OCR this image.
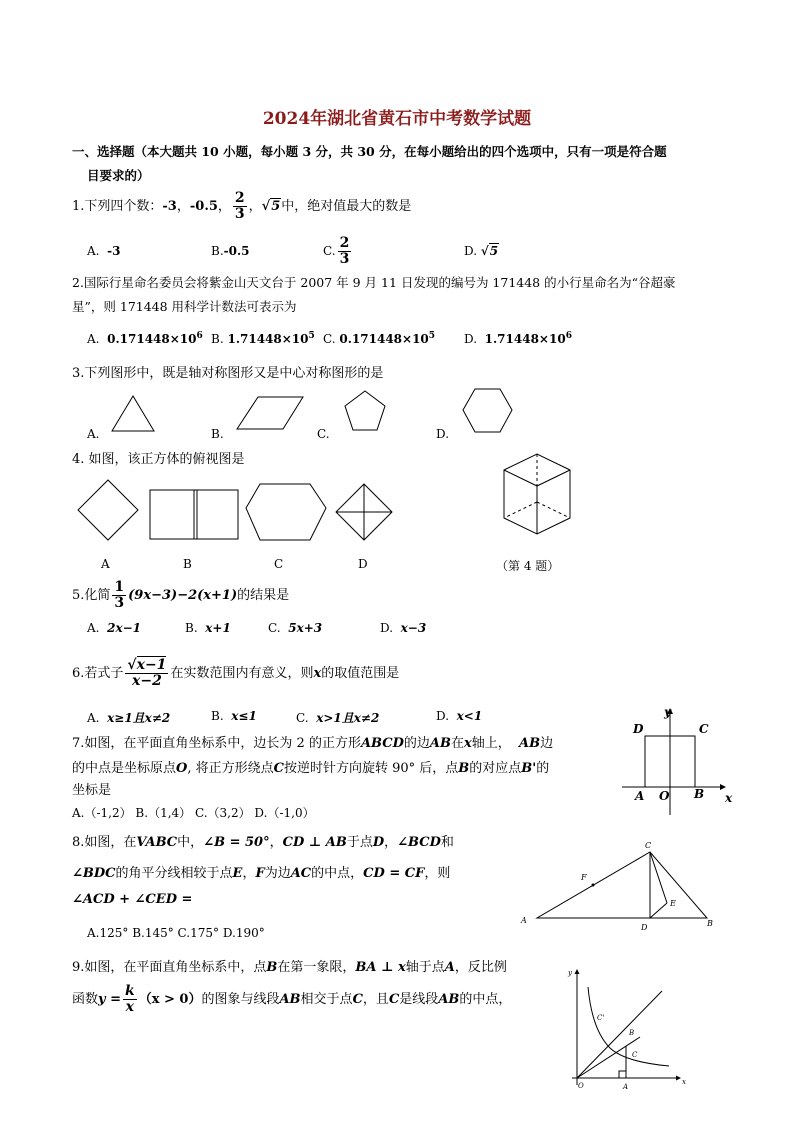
2024年湖北省黄石市中考数学试题
一、选择题（本大题共 10 小题，每小题 3 分，共 30 分，在每小题给出的四个选项中，只有一项是符合题
目要求的）
1.下列四个数：-3，-0.5， $\frac{2}{3}$ ，√5中，绝对值最大的数是
A. -3	B.-0.5	C. $\frac{2}{3}$	D. √5
2.国际行星命名委员会将紫金山天文台于 2007 年 9 月 11 日发现的编号为 171448 的小行星命名为“谷超豪
星”，则 171448 用科学计数法可表示为
A. $0.171448\times 10^6$ B. $1.71448\times 10^5$ C. $0.171448\times 10^5$ D. $1.71448\times 10^6$
3.下列图形中，既是轴对称图形又是中心对称图形的是
A.	B.	C.	D.
4. 如图，该正方体的俯视图是
A	B	C	D	（第 4 题）
5.化简 $\frac{1}{3} (9x-3)-2(x+1)$的结果是
A. 2x−1	B. x+1	C. 5x+3	D. x−3
6.若式子 $\frac{√x-1}{x-2}$ 在实数范围内有意义，则x的取值范围是
A. x≥1且x≠2	B. x≤1	C. x>1且x≠2	D. x<1
7.如图，在平面直角坐标系中，边长为 2 的正方形ABCD的边AB在x轴上， AB边
的中点是坐标原点O, 将正方形绕点C按逆时针方向旋转 90° 后，点B的对应点B'的
坐标是
A.（-1,2） B.（1,4） C.（3,2） D.（-1,0）
y
x
A O B
C
D
8.如图，在VABC中，∠B = 50°，CD ⊥ AB于点D，∠BCD和
∠BDC的角平分线相较于点E，F为边AC的中点，CD = CF，则
∠ACD + ∠CED =
A.125° B.145° C.175° D.190°
A	B
C
D
E
F
9.如图，在平面直角坐标系中，点B在第一象限，BA ⊥ x轴于点A，反比例
函数$y = \frac{k}{x} (x > 0)$的图象与线段AB相交于点C，且C是线段AB的中点，
y
x
O	A
B
C
C'
